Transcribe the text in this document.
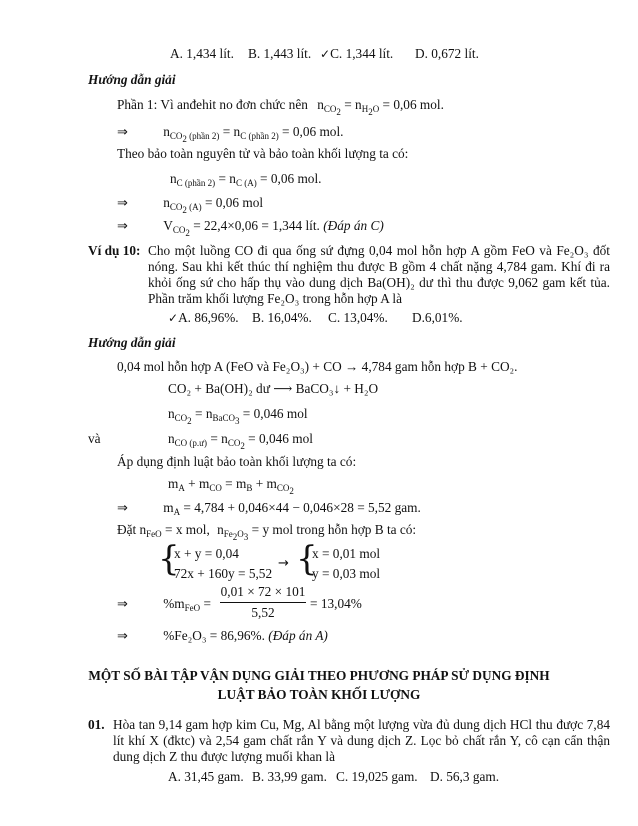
A. 1,434 lít. B. 1,443 lít. ✓C. 1,344 lít. D. 0,672 lít.
Hướng dẫn giải
Phần 1: Vì anđehit no đơn chức nên $n_{CO_2} = n_{H_2O} = 0,06$ mol.
⇒	$n_{CO_2 (phần 2)} = n_{C (phần 2)} = 0,06$ mol.
Theo bảo toàn nguyên tử và bảo toàn khối lượng ta có:
$n_{C (phần 2)} = n_{C (A)} = 0,06$ mol.
⇒	$n_{CO_2 (A)} = 0,06$ mol
⇒	$V_{CO_2} = 22,4\times 0,06 = 1,344$ lít. (Đáp án C)
Ví dụ 10: Cho một luồng CO đi qua ống sứ đựng 0,04 mol hỗn hợp A gồm FeO và Fe₂O₃ đốt nóng. Sau khi kết thúc thí nghiệm thu được B gồm 4 chất nặng 4,784 gam. Khí đi ra khỏi ống sứ cho hấp thụ vào dung dịch Ba(OH)₂ dư thì thu được 9,062 gam kết tủa. Phần trăm khối lượng Fe₂O₃ trong hỗn hợp A là
✓A. 86,96%. B. 16,04%. C. 13,04%. D.6,01%.
Hướng dẫn giải
0,04 mol hỗn hợp A (FeO và Fe₂O₃) + CO → 4,784 gam hỗn hợp B + CO₂.
CO₂ + Ba(OH)₂ dư ⟶ BaCO₃↓ + H₂O
$n_{CO_2} = n_{BaCO_3} = 0,046$ mol
và	$n_{CO (p.ư)} = n_{CO_2} = 0,046$ mol
Áp dụng định luật bảo toàn khối lượng ta có:
$m_A + m_{CO} = m_B + m_{CO_2}$
⇒	$m_A = 4,784 + 0,046\times 44 - 0,046\times 28 = 5,52$ gam.
Đặt $n_{FeO} = x$ mol, $n_{Fe_2O_3} = y$ mol trong hỗn hợp B ta có:
{
x + y = 0,04
72x + 160y = 5,52
→ {
x = 0,01 mol
y = 0,03 mol
⇒	$\%m_{FeO}$ =
0,01 × 72 × 101
5,52
= 13,04%
⇒	%Fe₂O₃ = 86,96%. (Đáp án A)
MỘT SỐ BÀI TẬP VẬN DỤNG GIẢI THEO PHƯƠNG PHÁP SỬ DỤNG ĐỊNH
LUẬT BẢO TOÀN KHỐI LƯỢNG
01. Hòa tan 9,14 gam hợp kim Cu, Mg, Al bằng một lượng vừa đủ dung dịch HCl thu được 7,84 lít khí X (đktc) và 2,54 gam chất rắn Y và dung dịch Z. Lọc bỏ chất rắn Y, cô cạn cẩn thận dung dịch Z thu được lượng muối khan là
A. 31,45 gam. B. 33,99 gam. C. 19,025 gam. D. 56,3 gam.
